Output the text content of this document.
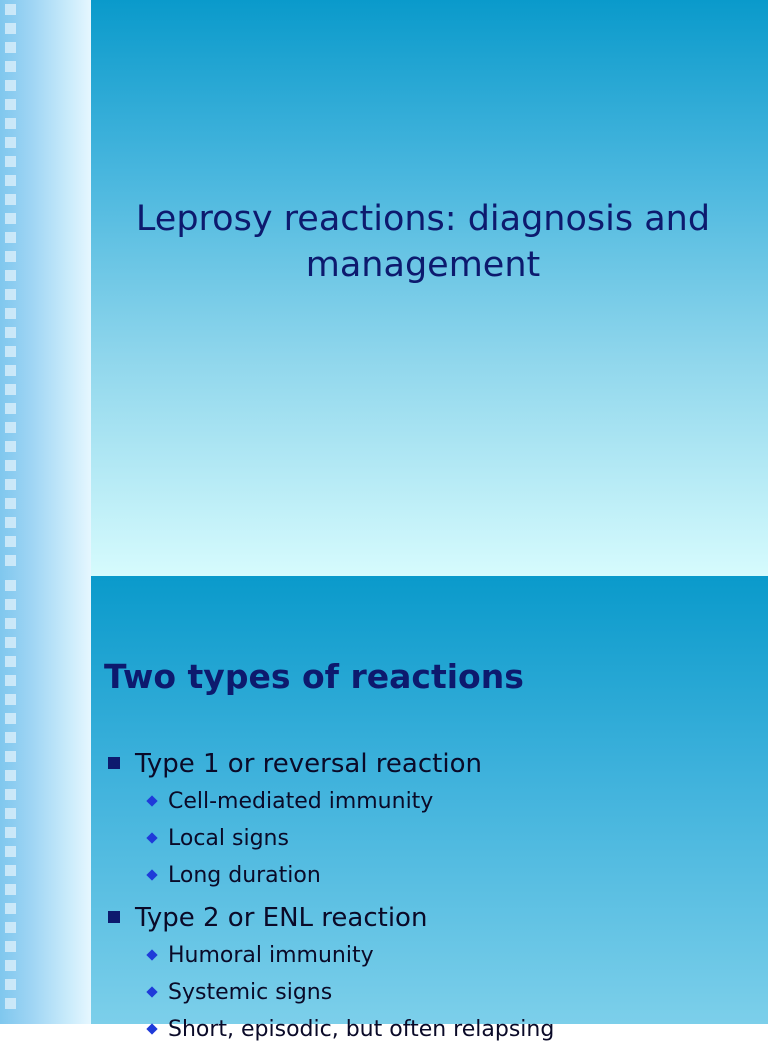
Leprosy reactions: diagnosis and management
Type 1 or reversal reaction
Cell-mediated immunity
Local signs
Long duration
Type 2 or ENL reaction
Humoral immunity
Systemic signs
Short, episodic, but often relapsing
Two types of reactions
